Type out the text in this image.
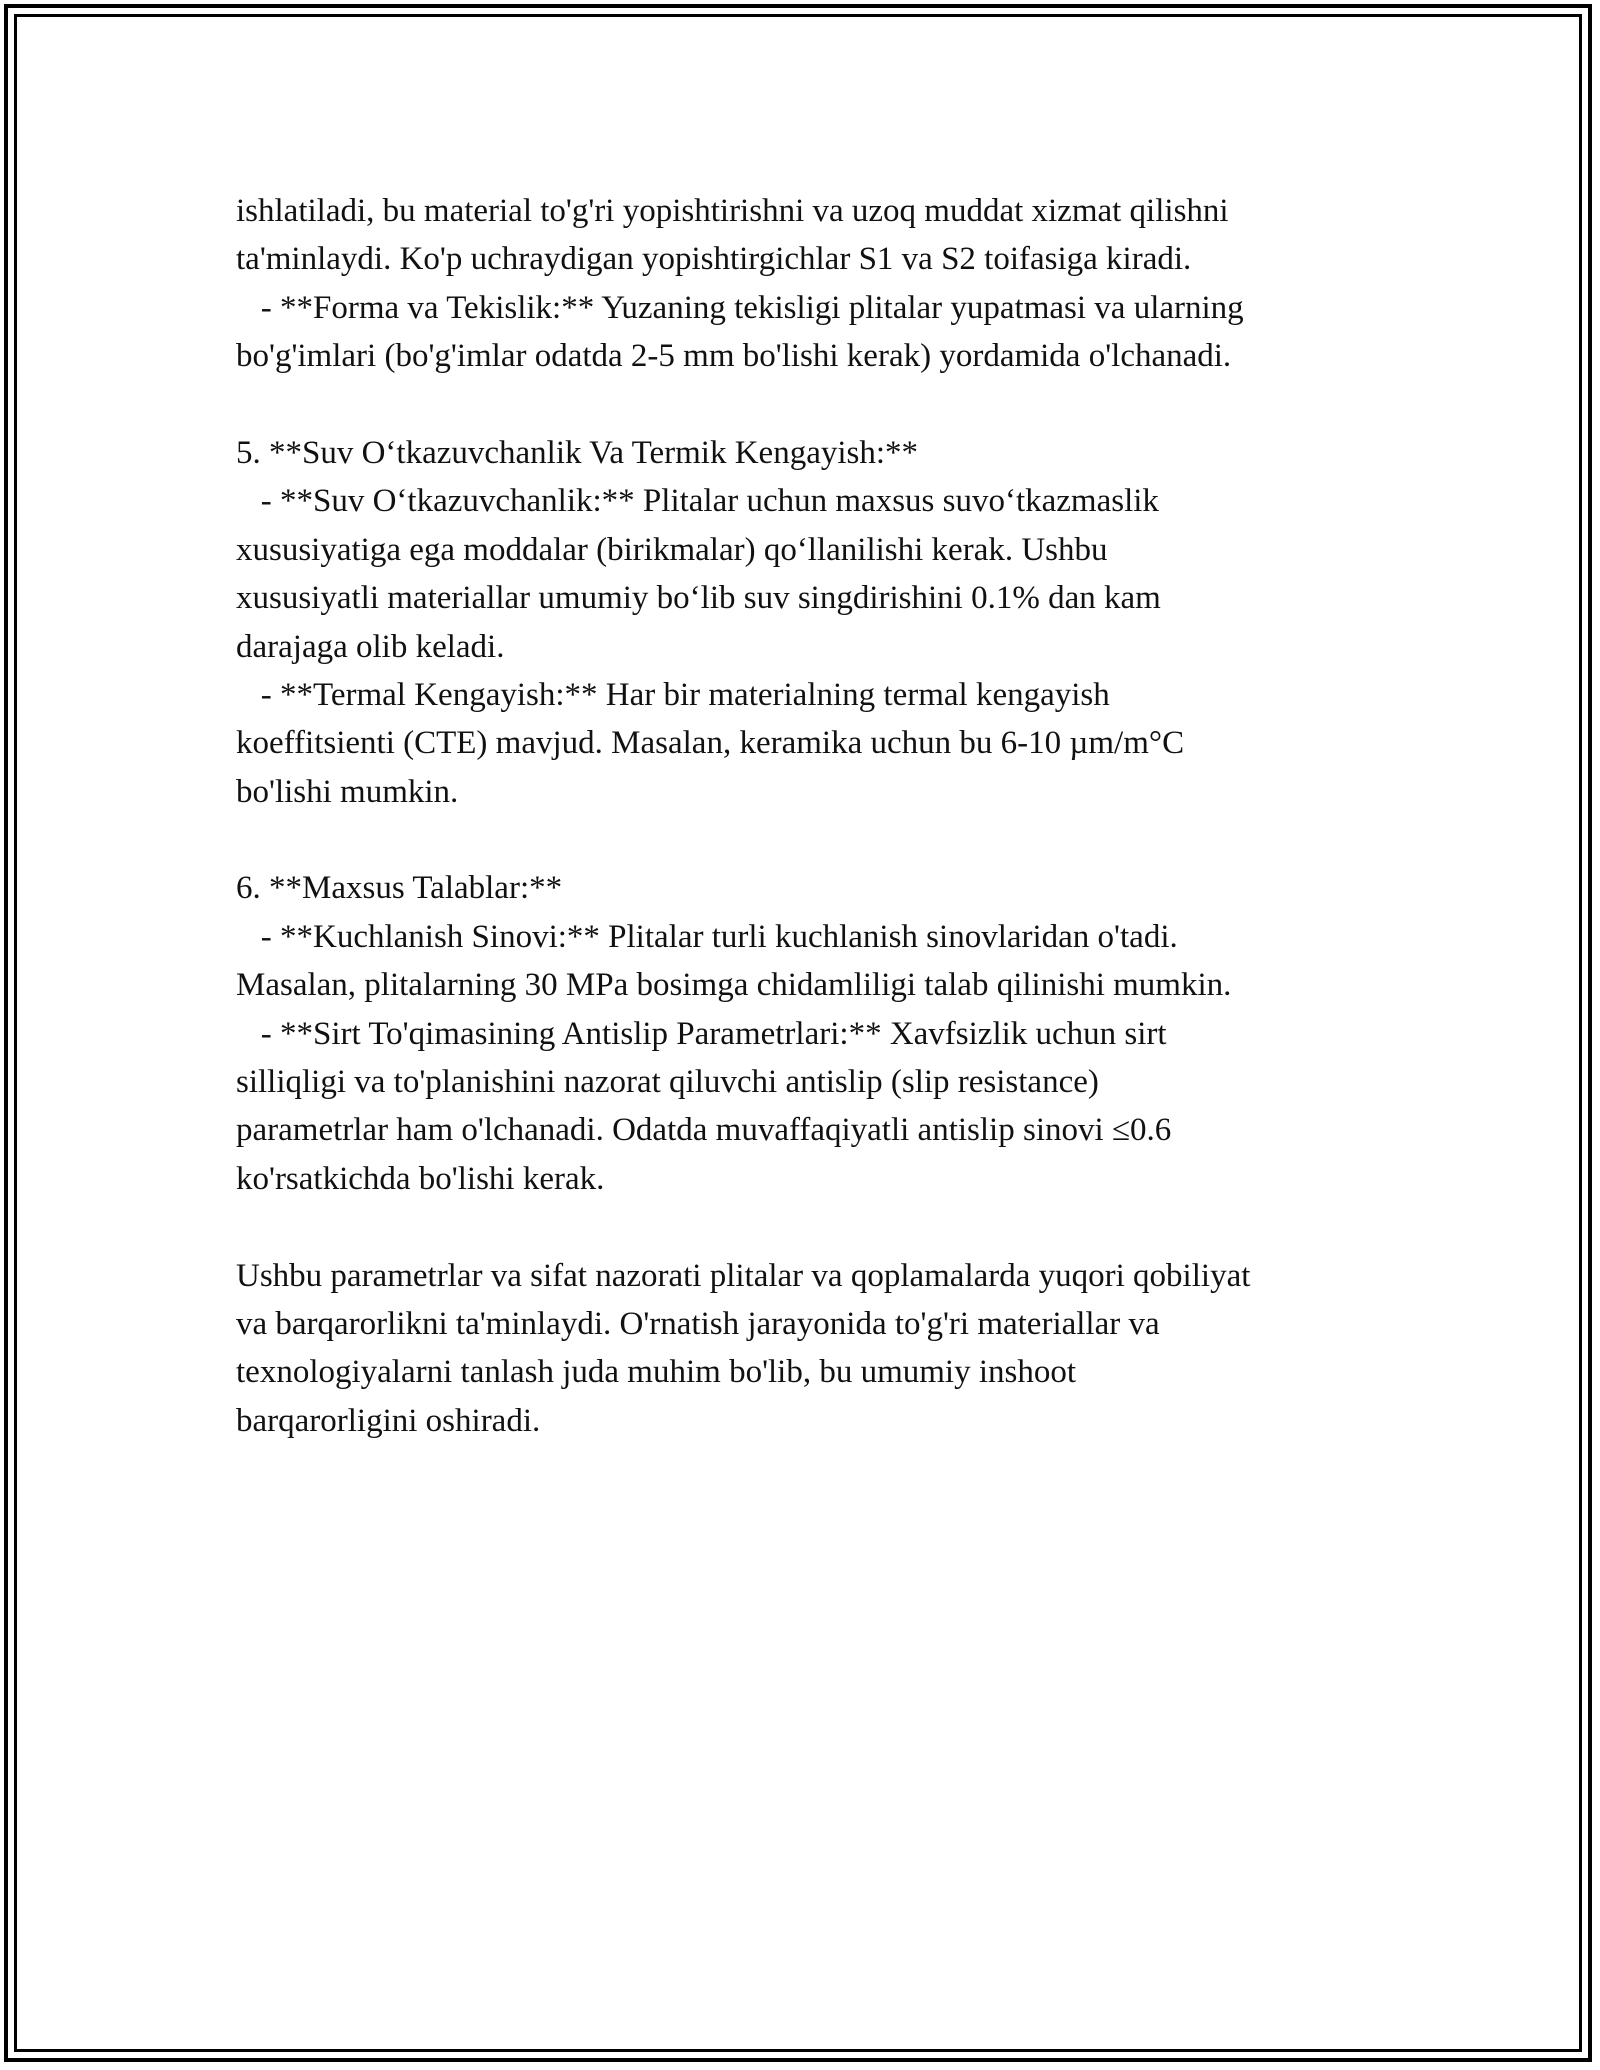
ishlatiladi, bu material to'g'ri yopishtirishni va uzoq muddat xizmat qilishni
ta'minlaydi. Ko'p uchraydigan yopishtirgichlar S1 va S2 toifasiga kiradi.
- **Forma va Tekislik:** Yuzaning tekisligi plitalar yupatmasi va ularning
bo'g'imlari (bo'g'imlar odatda 2-5 mm bo'lishi kerak) yordamida o'lchanadi.
5. **Suv O‘tkazuvchanlik Va Termik Kengayish:**
- **Suv O‘tkazuvchanlik:** Plitalar uchun maxsus suvo‘tkazmaslik
xususiyatiga ega moddalar (birikmalar) qo‘llanilishi kerak. Ushbu
xususiyatli materiallar umumiy bo‘lib suv singdirishini 0.1% dan kam
darajaga olib keladi.
- **Termal Kengayish:** Har bir materialning termal kengayish
koeffitsienti (CTE) mavjud. Masalan, keramika uchun bu 6-10 µm/m°C
bo'lishi mumkin.
6. **Maxsus Talablar:**
- **Kuchlanish Sinovi:** Plitalar turli kuchlanish sinovlaridan o'tadi.
Masalan, plitalarning 30 MPa bosimga chidamliligi talab qilinishi mumkin.
- **Sirt To'qimasining Antislip Parametrlari:** Xavfsizlik uchun sirt
silliqligi va to'planishini nazorat qiluvchi antislip (slip resistance)
parametrlar ham o'lchanadi. Odatda muvaffaqiyatli antislip sinovi ≤0.6
ko'rsatkichda bo'lishi kerak.
Ushbu parametrlar va sifat nazorati plitalar va qoplamalarda yuqori qobiliyat
va barqarorlikni ta'minlaydi. O'rnatish jarayonida to'g'ri materiallar va
texnologiyalarni tanlash juda muhim bo'lib, bu umumiy inshoot
barqarorligini oshiradi.
